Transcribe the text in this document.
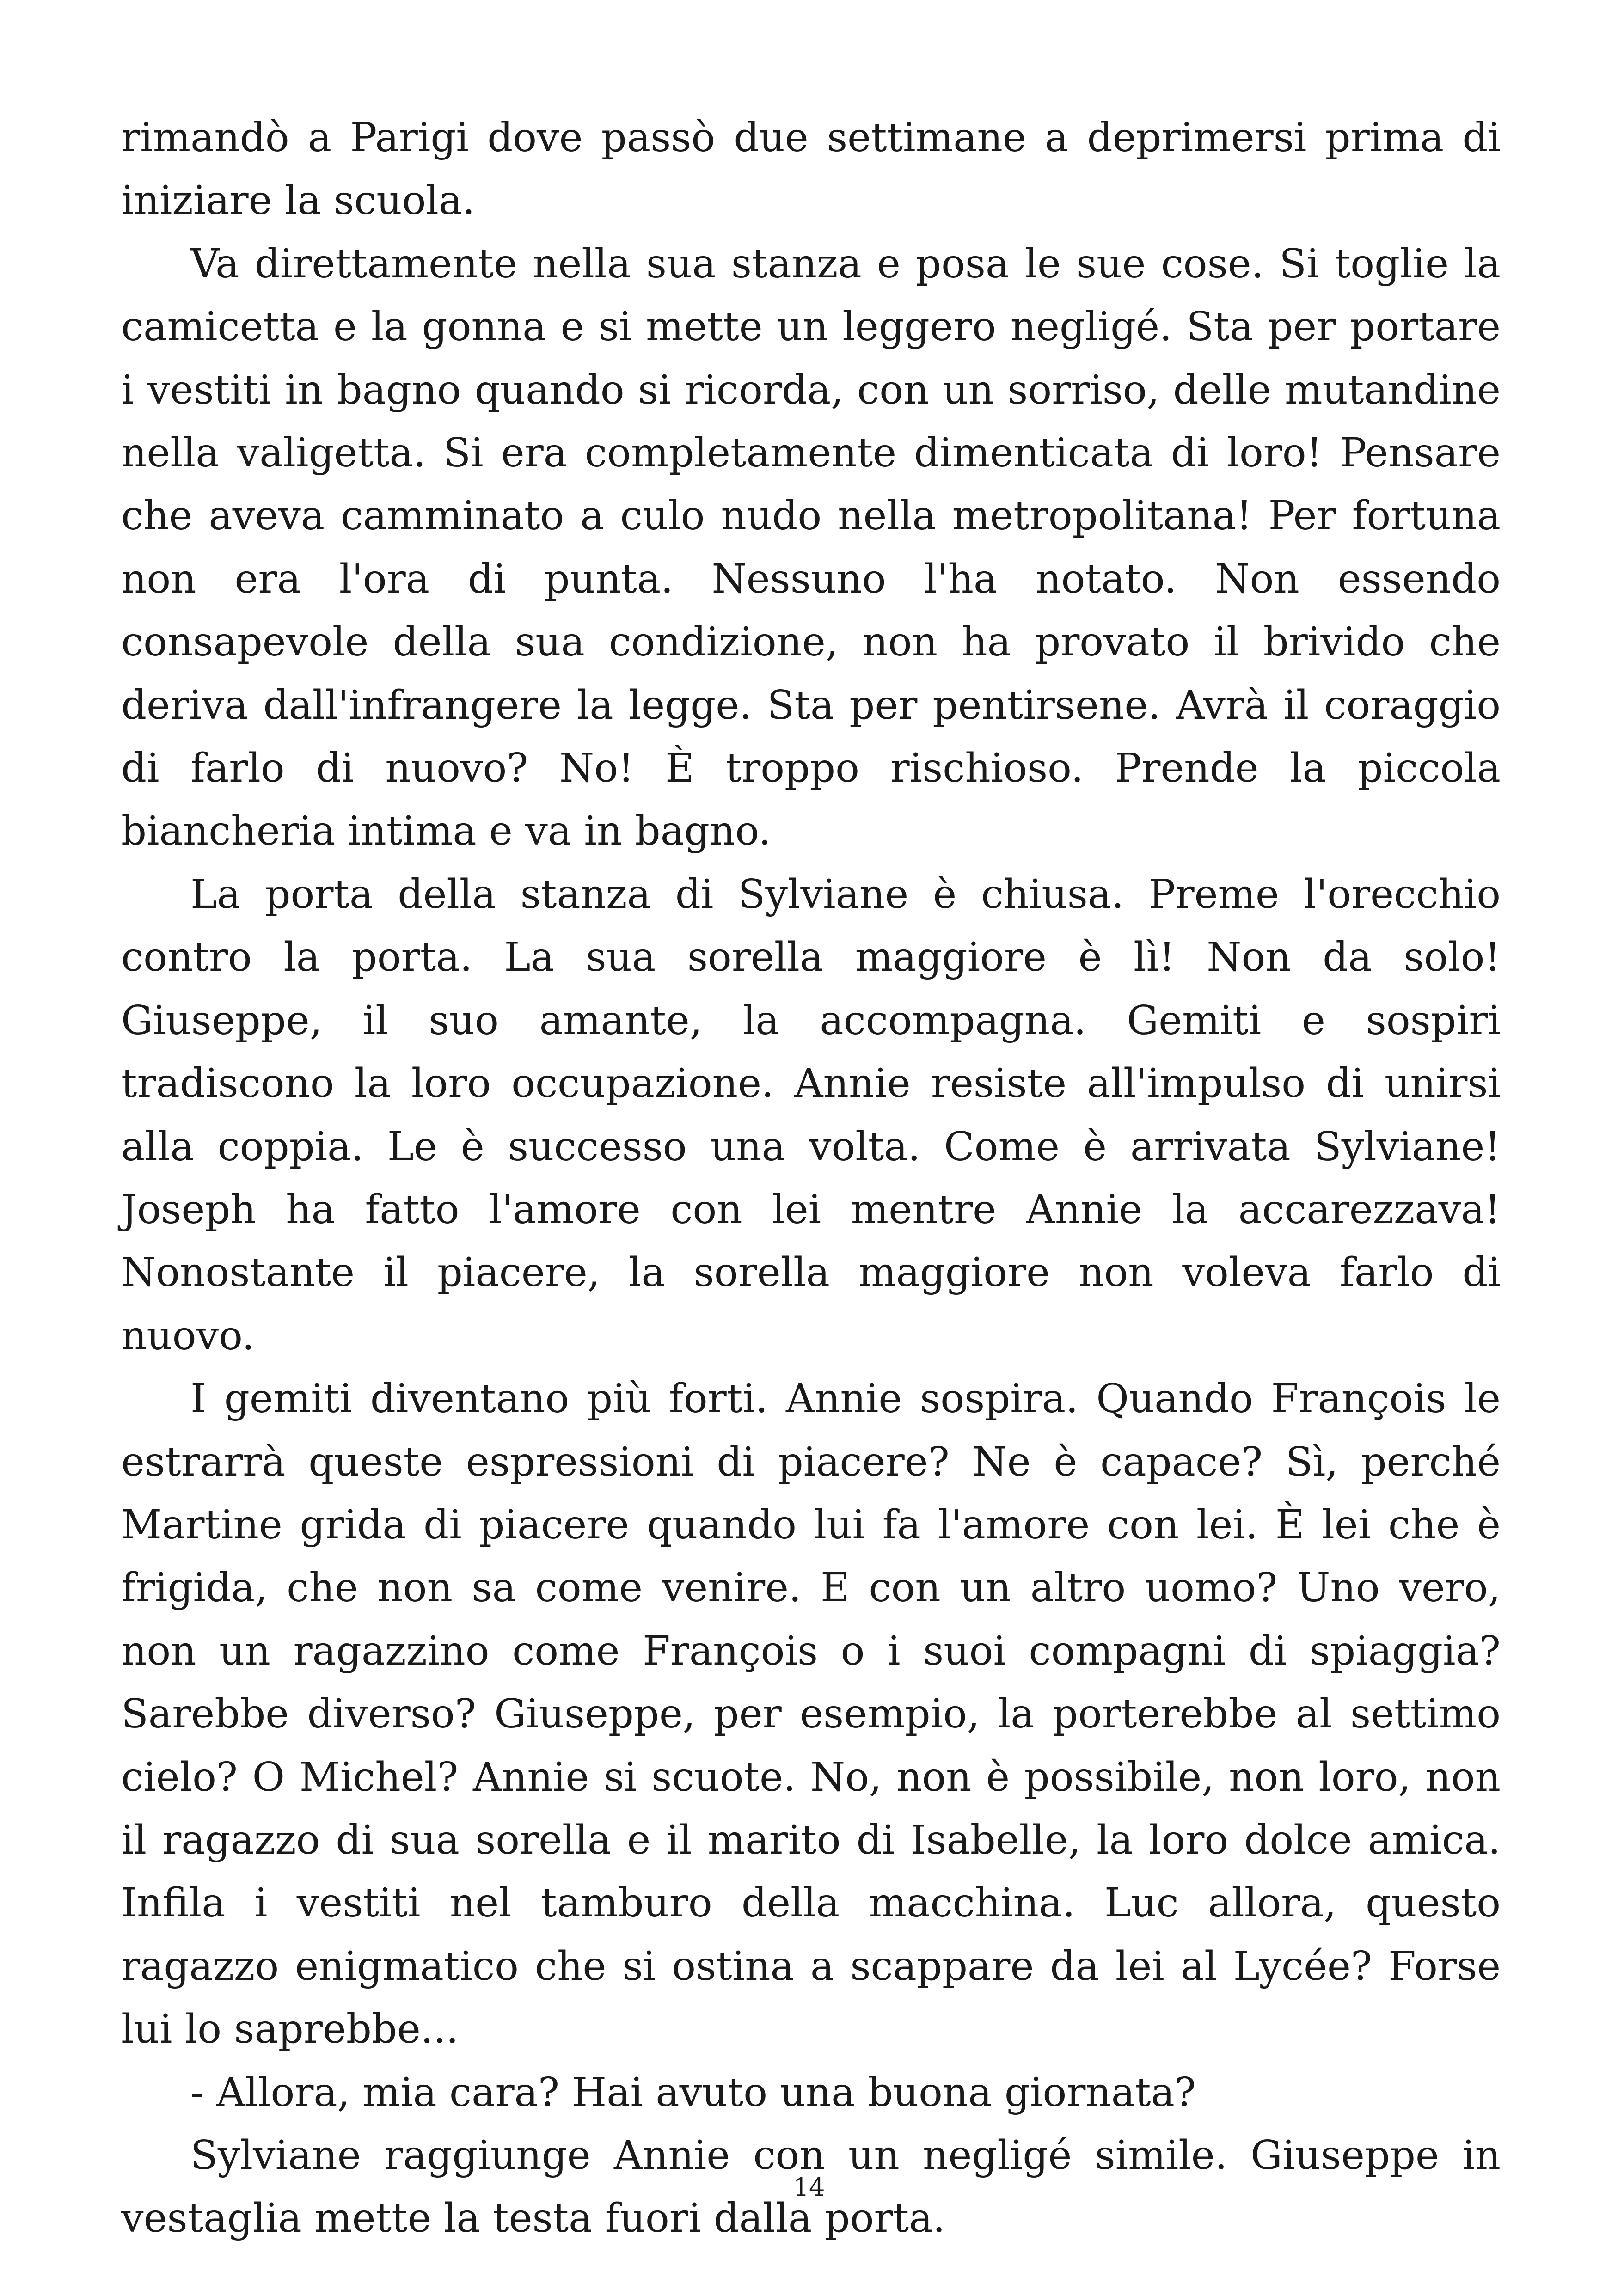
rimandò a Parigi dove passò due settimane a deprimersi prima di iniziare la scuola.

Va direttamente nella sua stanza e posa le sue cose. Si toglie la camicetta e la gonna e si mette un leggero negligé. Sta per portare i vestiti in bagno quando si ricorda, con un sorriso, delle mutandine nella valigetta. Si era completamente dimenticata di loro! Pensare che aveva camminato a culo nudo nella metropolitana! Per fortuna non era l'ora di punta. Nessuno l'ha notato. Non essendo consapevole della sua condizione, non ha provato il brivido che deriva dall'infrangere la legge. Sta per pentirsene. Avrà il coraggio di farlo di nuovo? No! È troppo rischioso. Prende la piccola biancheria intima e va in bagno.

La porta della stanza di Sylviane è chiusa. Preme l'orecchio contro la porta. La sua sorella maggiore è lì! Non da solo! Giuseppe, il suo amante, la accompagna. Gemiti e sospiri tradiscono la loro occupazione. Annie resiste all'impulso di unirsi alla coppia. Le è successo una volta. Come è arrivata Sylviane! Joseph ha fatto l'amore con lei mentre Annie la accarezzava! Nonostante il piacere, la sorella maggiore non voleva farlo di nuovo.

I gemiti diventano più forti. Annie sospira. Quando François le estrarrà queste espressioni di piacere? Ne è capace? Sì, perché Martine grida di piacere quando lui fa l'amore con lei. È lei che è frigida, che non sa come venire. E con un altro uomo? Uno vero, non un ragazzino come François o i suoi compagni di spiaggia? Sarebbe diverso? Giuseppe, per esempio, la porterebbe al settimo cielo? O Michel? Annie si scuote. No, non è possibile, non loro, non il ragazzo di sua sorella e il marito di Isabelle, la loro dolce amica. Infila i vestiti nel tamburo della macchina. Luc allora, questo ragazzo enigmatico che si ostina a scappare da lei al Lycée? Forse lui lo saprebbe...

- Allora, mia cara? Hai avuto una buona giornata?

Sylviane raggiunge Annie con un negligé simile. Giuseppe in vestaglia mette la testa fuori dalla porta.

14
